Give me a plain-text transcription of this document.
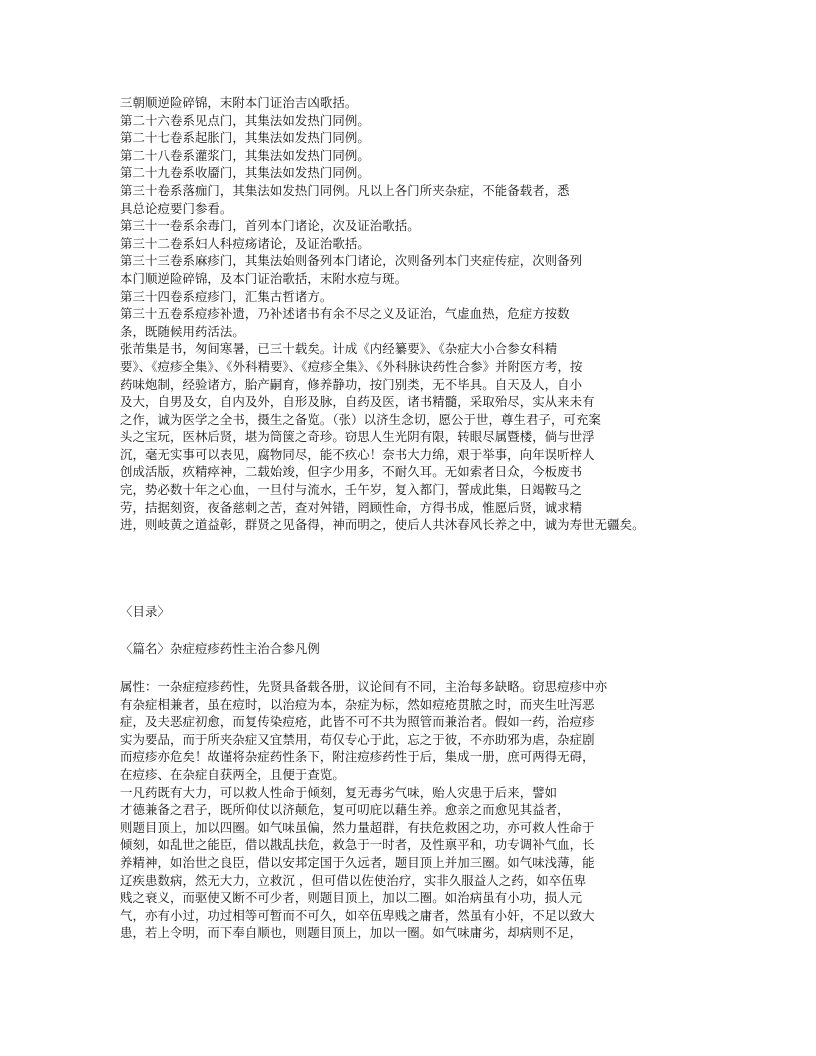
三朝顺逆险碎锦，末附本门证治吉凶歌括。
第二十六卷系见点门，其集法如发热门同例。
第二十七卷系起胀门，其集法如发热门同例。
第二十八卷系灌浆门，其集法如发热门同例。
第二十九卷系收靥门，其集法如发热门同例。
第三十卷系落痂门，其集法如发热门同例。凡以上各门所夹杂症，不能备载者，悉
具总论痘要门参看。
第三十一卷系余毒门，首列本门诸论，次及证治歌括。
第三十二卷系妇人科痘疡诸论，及证治歌括。
第三十三卷系麻疹门，其集法始则备列本门诸论，次则备列本门夹症传症，次则备列
本门顺逆险碎锦，及本门证治歌括，末附水痘与斑。
第三十四卷系痘疹门，汇集古哲诸方。
第三十五卷系痘疹补遗，乃补述诸书有余不尽之义及证治，气虚血热，危症方按数
条，既随候用药活法。
张芾集是书，匆间寒暑，已三十载矣。计成《内经纂要》、《杂症大小合参女科精
要》、《痘疹全集》、《外科精要》、《痘疹全集》、《外科脉诀药性合参》并附医方考，按
药味炮制，经验诸方，胎产嗣育，修养静功，按门别类，无不毕具。自天及人，自小
及大，自男及女，自内及外，自形及脉，自药及医，诸书精髓，采取殆尽，实从来未有
之作，诚为医学之全书，摄生之备览。（张）以济生念切，愿公于世，尊生君子，可充案
头之宝玩，医林后贤，堪为筒箧之奇珍。窃思人生光阴有限，转眼尽属暨楼，倘与世浮
沉，毫无实事可以表见，腐物同尽，能不疚心！奈书大力绵，艰于举事，向年误听梓人
创成活版，疚精瘁神，二载始竣，但字少用多，不耐久耳。无如索者日众，今板废书
完，势必数十年之心血，一旦付与流水，壬午岁，复入都门，誓成此集，日竭鞍马之
劳，拮据刻资，夜备慈刺之苦，查对舛错，罔顾性命，方得书成，惟愿后贤，诚求精
进，则岐黄之道益彰，群贤之见备得，神而明之，使后人共沐春风长养之中，诚为寿世无疆矣。
〈目录〉
〈篇名〉杂症痘疹药性主治合参凡例
属性：一杂症痘疹药性，先贤具备载各册，议论间有不同，主治每多缺略。窃思痘疹中亦
有杂症相兼者，虽在痘时，以治痘为本，杂症为标，然如痘疮贯脓之时，而夹生吐泻恶
症，及夫恶症初愈，而复传染痘疮，此皆不可不共为照管而兼治者。假如一药，治痘疹
实为要品，而于所夹杂症又宜禁用，苟仅专心于此，忘之于彼，不亦助邪为虐，杂症剧
而痘疹亦危矣！故谨将杂症药性条下，附注痘疹药性于后，集成一册，庶可两得无碍，
在痘疹、在杂症自获两全，且便于查览。
一凡药既有大力，可以救人性命于倾刻，复无毒劣气味，贻人灾患于后来，譬如
才德兼备之君子，既所仰仗以济颠危，复可叨庇以藉生养。愈亲之而愈见其益者，
则题目顶上，加以四圈。如气味虽偏，然力量超群，有扶危救困之功，亦可救人性命于
倾刻，如乱世之能臣，借以戡乱扶危，救急于一时者，及性禀平和，功专调补气血，长
养精神，如治世之良臣，借以安邦定国于久远者，题目顶上并加三圈。如气味浅薄，能
辽疾患数病，然无大力，立救沉 ，但可借以佐使治疗，实非久服益人之药，如卒伍卑
贱之衰义，而驱使又断不可少者，则题目顶上，加以二圈。如治病虽有小功，损人元
气，亦有小过，功过相等可暂而不可久，如卒伍卑贱之庸者，然虽有小奸，不足以致大
患，若上令明，而下奉自顺也，则题目顶上，加以一圈。如气味庸劣，却病则不足，
